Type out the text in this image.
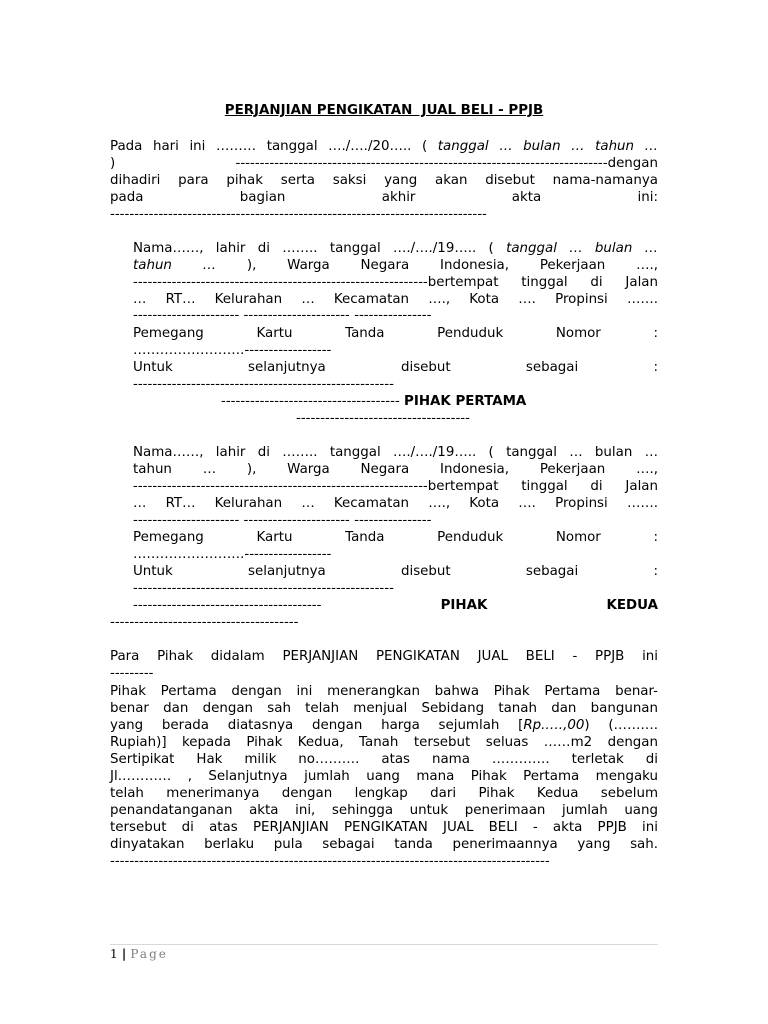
PERJANJIAN PENGIKATAN  JUAL BELI - PPJB
Pada hari ini ……… tanggal …./…./20….. ( tanggal … bulan … tahun …
)	-----------------------------------------------------------------------------dengan
dihadiri para pihak serta saksi yang akan disebut nama-namanya
pada bagian akhir akta ini:
------------------------------------------------------------------------------
Nama……, lahir di …….. tanggal …./…./19….. ( tanggal … bulan …
tahun … ), Warga Negara Indonesia, Pekerjaan ….,
-------------------------------------------------------------bertempat tinggal di Jalan
… RT… Kelurahan … Kecamatan …., Kota …. Propinsi …….
---------------------- ---------------------- ----------------
Pemegang Kartu Tanda Penduduk Nomor :
…………………….------------------
Untuk selanjutnya disebut sebagai :
------------------------------------------------------
------------------------------------- PIHAK PERTAMA
------------------------------------
Nama……, lahir di …….. tanggal …./…./19….. ( tanggal … bulan …
tahun … ), Warga Negara Indonesia, Pekerjaan ….,
-------------------------------------------------------------bertempat tinggal di Jalan
… RT… Kelurahan … Kecamatan …., Kota …. Propinsi …….
---------------------- ---------------------- ----------------
Pemegang Kartu Tanda Penduduk Nomor :
…………………….------------------
Untuk selanjutnya disebut sebagai :
------------------------------------------------------
---------------------------------------	PIHAK	KEDUA
---------------------------------------
Para Pihak didalam PERJANJIAN PENGIKATAN JUAL BELI - PPJB ini
---------
Pihak Pertama dengan ini menerangkan bahwa Pihak Pertama benar-
benar dan dengan sah telah menjual Sebidang tanah dan bangunan
yang berada diatasnya dengan harga sejumlah [Rp.….,00) (……….
Rupiah)] kepada Pihak Kedua, Tanah tersebut seluas ……m2 dengan
Sertipikat Hak milik no………. atas nama …………. terletak di
Jl………… , Selanjutnya jumlah uang mana Pihak Pertama mengaku
telah menerimanya dengan lengkap dari Pihak Kedua sebelum
penandatanganan akta ini, sehingga untuk penerimaan jumlah uang
tersebut di atas PERJANJIAN PENGIKATAN JUAL BELI - akta PPJB ini
dinyatakan berlaku pula sebagai tanda penerimaannya yang sah.
-------------------------------------------------------------------------------------------
1 | Page
